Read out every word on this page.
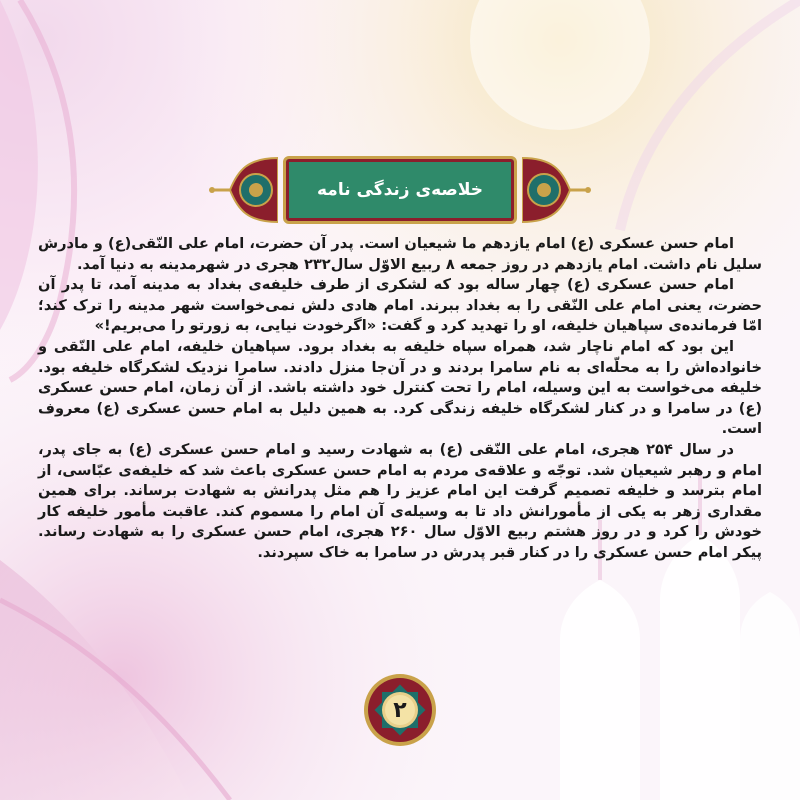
خلاصه‌ی زندگی نامه

امام حسن عسکری (ع) امام یازدهم ما شیعیان است. پدر آن حضرت، امام علی النّقی(ع) و مادرش سلیل نام داشت. امام یازدهم در روز جمعه ۸ ربیع الاوّل سال۲۳۲ هجری در شهرمدینه به دنیا آمد.

امام حسن عسکری (ع) چهار ساله بود که لشکری از طرف خلیفه‌ی بغداد به مدینه آمد، تا پدر آن حضرت، یعنی امام علی النّقی را به بغداد ببرند. امام هادی دلش نمی‌خواست شهر مدینه را ترک کند؛ امّا فرمانده‌ی سپاهیان خلیفه، او را تهدید کرد و گفت: «اگرخودت نیایی، به زورتو را می‌بریم!»

این بود که امام ناچار شد، همراه سپاه خلیفه به بغداد برود. سپاهیان خلیفه، امام علی النّقی و خانواده‌اش را به محلّه‌ای به نام سامرا بردند و در آن‌جا منزل دادند. سامرا نزدیک لشکرگاه خلیفه بود. خلیفه می‌خواست به این وسیله، امام را تحت کنترل خود داشته باشد. از آن زمان، امام حسن عسکری (ع) در سامرا و در کنار لشکرگاه خلیفه زندگی کرد. به همین دلیل به امام حسن عسکری (ع) معروف است.

در سال ۲۵۴ هجری، امام علی النّقی (ع) به شهادت رسید و امام حسن عسکری (ع) به جای پدر، امام و رهبر شیعیان شد. توجّه و علاقه‌ی مردم به امام حسن عسکری باعث شد که خلیفه‌ی عبّاسی، از امام بترسد و خلیفه تصمیم گرفت این امام عزیز را هم مثل پدرانش به شهادت برساند. برای همین مقداری زهر به یکی از مأمورانش داد تا به وسیله‌ی آن امام را مسموم کند. عاقبت مأمور خلیفه کار خودش را کرد و در روز هشتم ربیع الاوّل سال ۲۶۰ هجری، امام حسن عسکری را به شهادت رساند. پیکر امام حسن عسکری را در کنار قبر پدرش در سامرا به خاک سپردند.

۲
